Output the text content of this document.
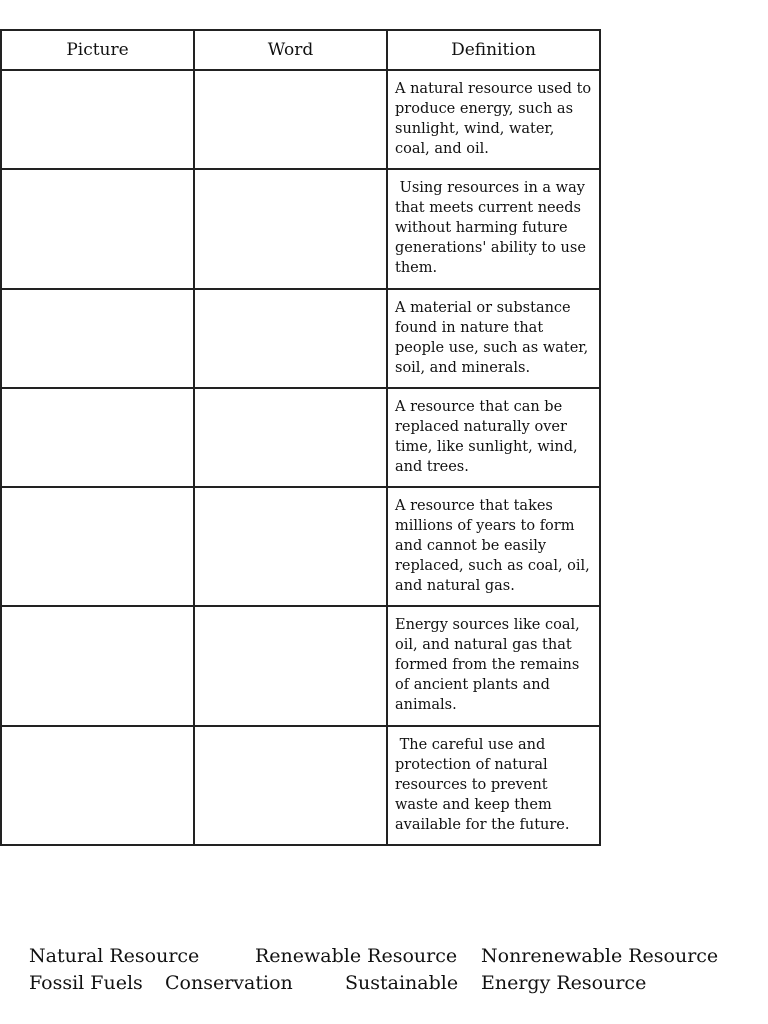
Picture	Word	Definition
		A natural resource used to produce energy, such as sunlight, wind, water, coal, and oil.
		Using resources in a way that meets current needs without harming future generations' ability to use them.
		A material or substance found in nature that people use, such as water, soil, and minerals.
		A resource that can be replaced naturally over time, like sunlight, wind, and trees.
		A resource that takes millions of years to form and cannot be easily replaced, such as coal, oil, and natural gas.
		Energy sources like coal, oil, and natural gas that formed from the remains of ancient plants and animals.
		The careful use and protection of natural resources to prevent waste and keep them available for the future.
Natural Resource	Renewable Resource Nonrenewable Resource
Fossil Fuels Conservation	Sustainable Energy Resource
